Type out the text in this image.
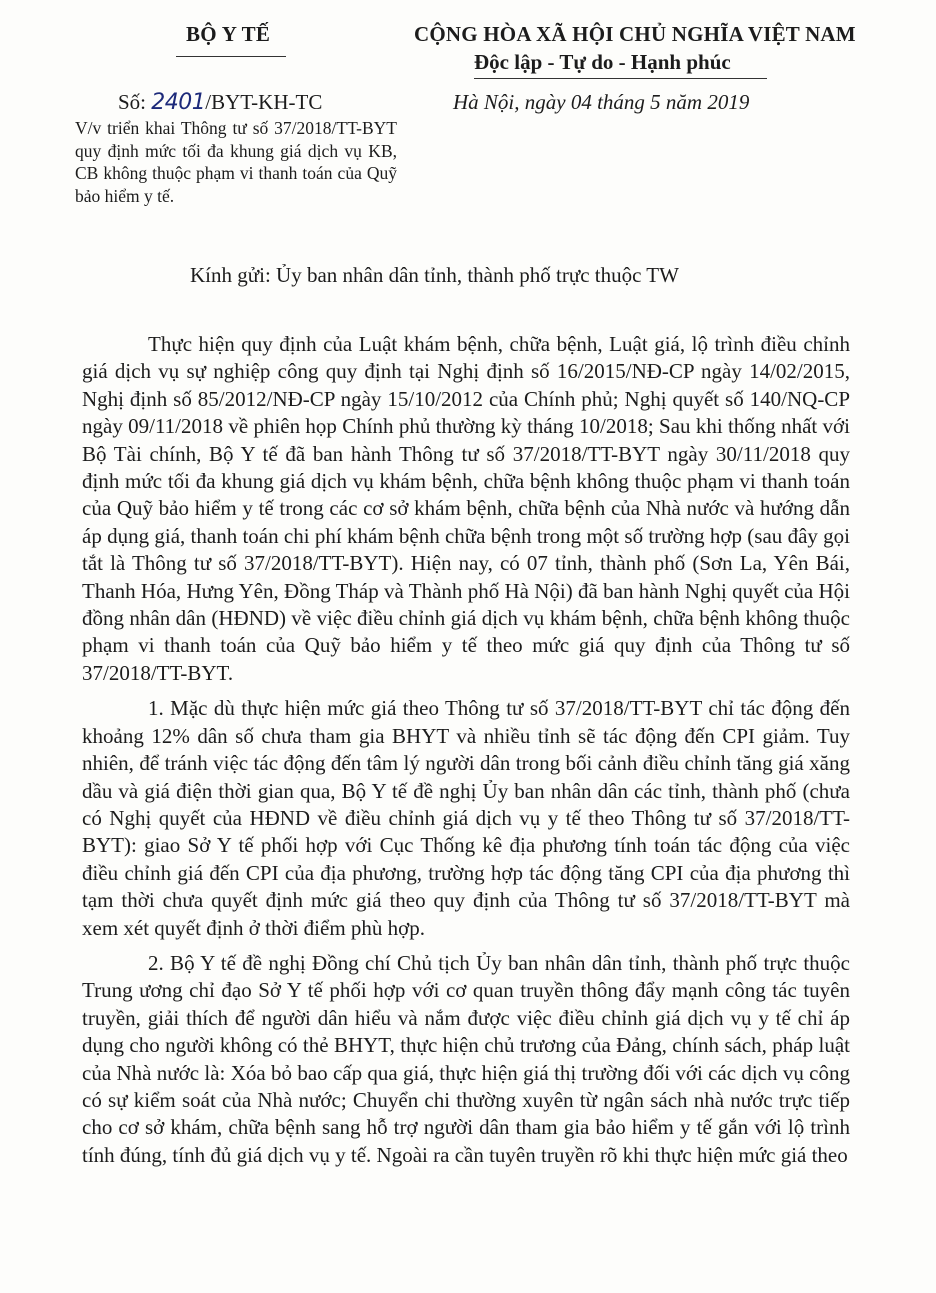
BỘ Y TẾ	CỘNG HÒA XÃ HỘI CHỦ NGHĨA VIỆT NAM
Độc lập - Tự do - Hạnh phúc
Số: 2401/BYT-KH-TC	Hà Nội, ngày 04 tháng 5 năm 2019
V/v triển khai Thông tư số 37/2018/TT-BYT quy định mức tối đa khung giá dịch vụ KB, CB không thuộc phạm vi thanh toán của Quỹ bảo hiểm y tế.
Kính gửi: Ủy ban nhân dân tỉnh, thành phố trực thuộc TW

Thực hiện quy định của Luật khám bệnh, chữa bệnh, Luật giá, lộ trình điều chỉnh giá dịch vụ sự nghiệp công quy định tại Nghị định số 16/2015/NĐ-CP ngày 14/02/2015, Nghị định số 85/2012/NĐ-CP ngày 15/10/2012 của Chính phủ; Nghị quyết số 140/NQ-CP ngày 09/11/2018 về phiên họp Chính phủ thường kỳ tháng 10/2018; Sau khi thống nhất với Bộ Tài chính, Bộ Y tế đã ban hành Thông tư số 37/2018/TT-BYT ngày 30/11/2018 quy định mức tối đa khung giá dịch vụ khám bệnh, chữa bệnh không thuộc phạm vi thanh toán của Quỹ bảo hiểm y tế trong các cơ sở khám bệnh, chữa bệnh của Nhà nước và hướng dẫn áp dụng giá, thanh toán chi phí khám bệnh chữa bệnh trong một số trường hợp (sau đây gọi tắt là Thông tư số 37/2018/TT-BYT). Hiện nay, có 07 tỉnh, thành phố (Sơn La, Yên Bái, Thanh Hóa, Hưng Yên, Đồng Tháp và Thành phố Hà Nội) đã ban hành Nghị quyết của Hội đồng nhân dân (HĐND) về việc điều chỉnh giá dịch vụ khám bệnh, chữa bệnh không thuộc phạm vi thanh toán của Quỹ bảo hiểm y tế theo mức giá quy định của Thông tư số 37/2018/TT-BYT.

1. Mặc dù thực hiện mức giá theo Thông tư số 37/2018/TT-BYT chỉ tác động đến khoảng 12% dân số chưa tham gia BHYT và nhiều tỉnh sẽ tác động đến CPI giảm. Tuy nhiên, để tránh việc tác động đến tâm lý người dân trong bối cảnh điều chỉnh tăng giá xăng dầu và giá điện thời gian qua, Bộ Y tế đề nghị Ủy ban nhân dân các tỉnh, thành phố (chưa có Nghị quyết của HĐND về điều chỉnh giá dịch vụ y tế theo Thông tư số 37/2018/TT-BYT): giao Sở Y tế phối hợp với Cục Thống kê địa phương tính toán tác động của việc điều chỉnh giá đến CPI của địa phương, trường hợp tác động tăng CPI của địa phương thì tạm thời chưa quyết định mức giá theo quy định của Thông tư số 37/2018/TT-BYT mà xem xét quyết định ở thời điểm phù hợp.

2. Bộ Y tế đề nghị Đồng chí Chủ tịch Ủy ban nhân dân tỉnh, thành phố trực thuộc Trung ương chỉ đạo Sở Y tế phối hợp với cơ quan truyền thông đẩy mạnh công tác tuyên truyền, giải thích để người dân hiểu và nắm được việc điều chỉnh giá dịch vụ y tế chỉ áp dụng cho người không có thẻ BHYT, thực hiện chủ trương của Đảng, chính sách, pháp luật của Nhà nước là: Xóa bỏ bao cấp qua giá, thực hiện giá thị trường đối với các dịch vụ công có sự kiểm soát của Nhà nước; Chuyển chi thường xuyên từ ngân sách nhà nước trực tiếp cho cơ sở khám, chữa bệnh sang hỗ trợ người dân tham gia bảo hiểm y tế gắn với lộ trình tính đúng, tính đủ giá dịch vụ y tế. Ngoài ra cần tuyên truyền rõ khi thực hiện mức giá theo
